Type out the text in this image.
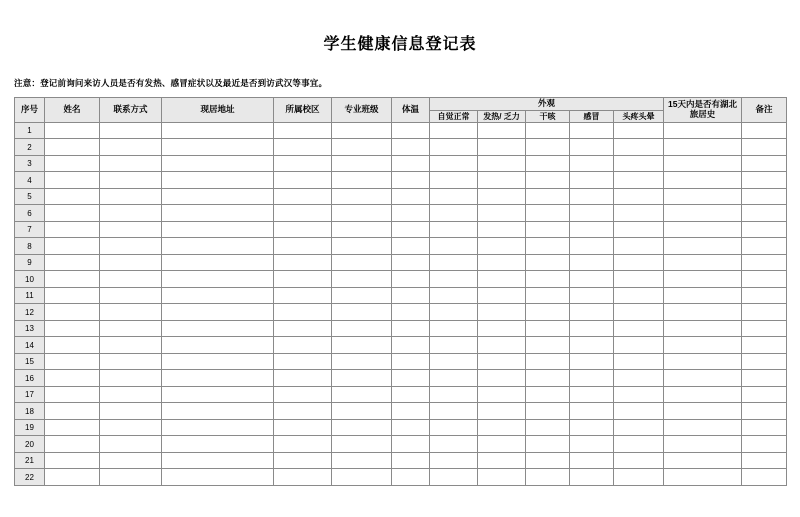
学生健康信息登记表

注意：登记前询问来访人员是否有发热、感冒症状以及最近是否到访武汉等事宜。

序号	姓名	联系方式	现居地址	所属校区	专业班级	体温	外观					15天内是否有湖北旅居史	备注
							自觉正常	发热/ 乏力	干咳	感冒	头疼头晕		
1													
2													
3													
4													
5													
6													
7													
8													
9													
10													
11													
12													
13													
14													
15													
16													
17													
18													
19													
20													
21													
22													
